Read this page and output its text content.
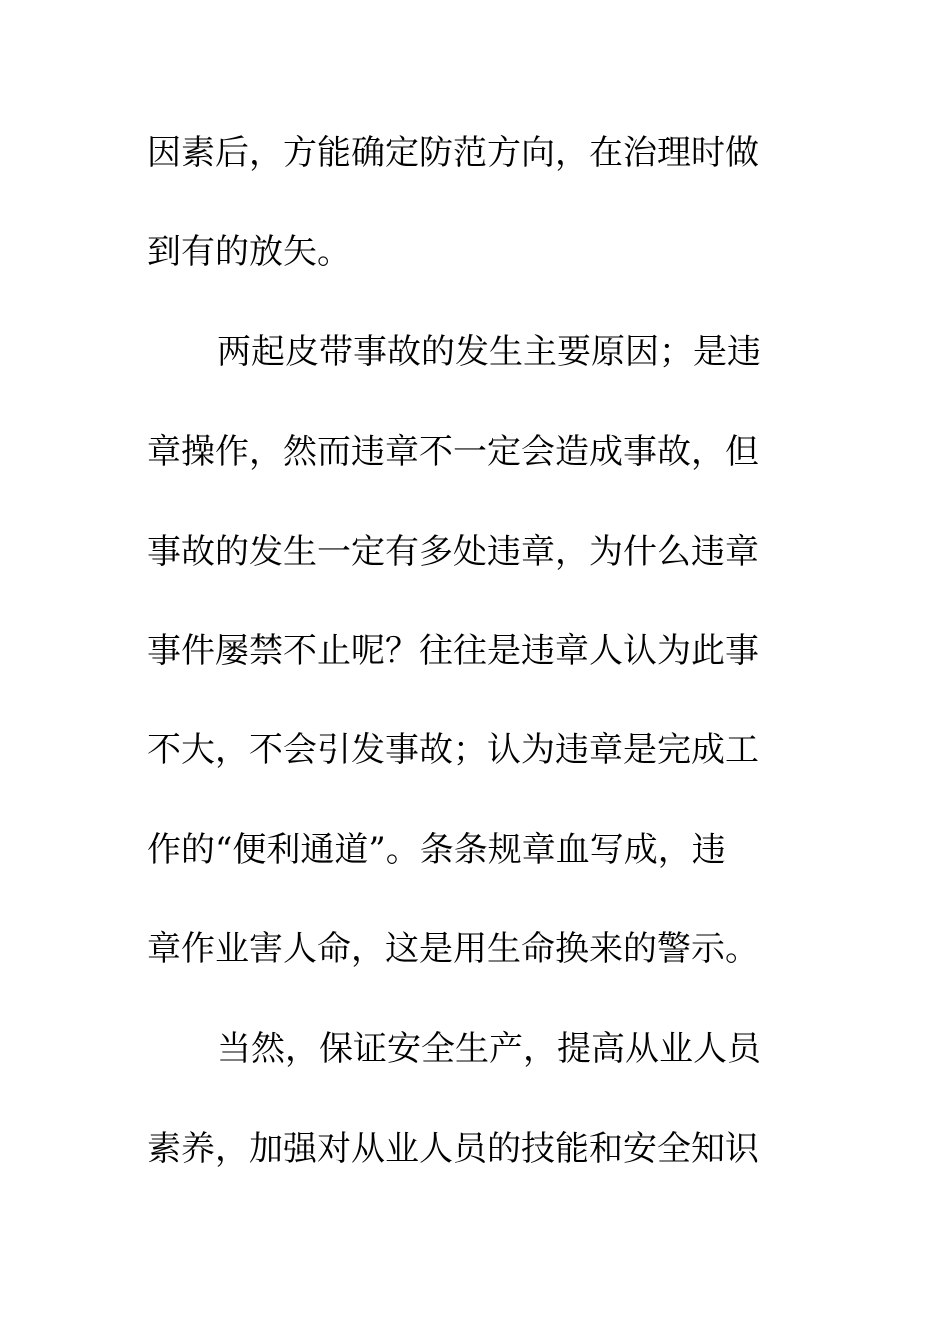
因素后，方能确定防范方向，在治理时做
到有的放矢。
两起皮带事故的发生主要原因；是违
章操作，然而违章不一定会造成事故，但
事故的发生一定有多处违章，为什么违章
事件屡禁不止呢？往往是违章人认为此事
不大，不会引发事故；认为违章是完成工
作的“便利通道”。条条规章血写成，违
章作业害人命，这是用生命换来的警示。
当然，保证安全生产，提高从业人员
素养，加强对从业人员的技能和安全知识
